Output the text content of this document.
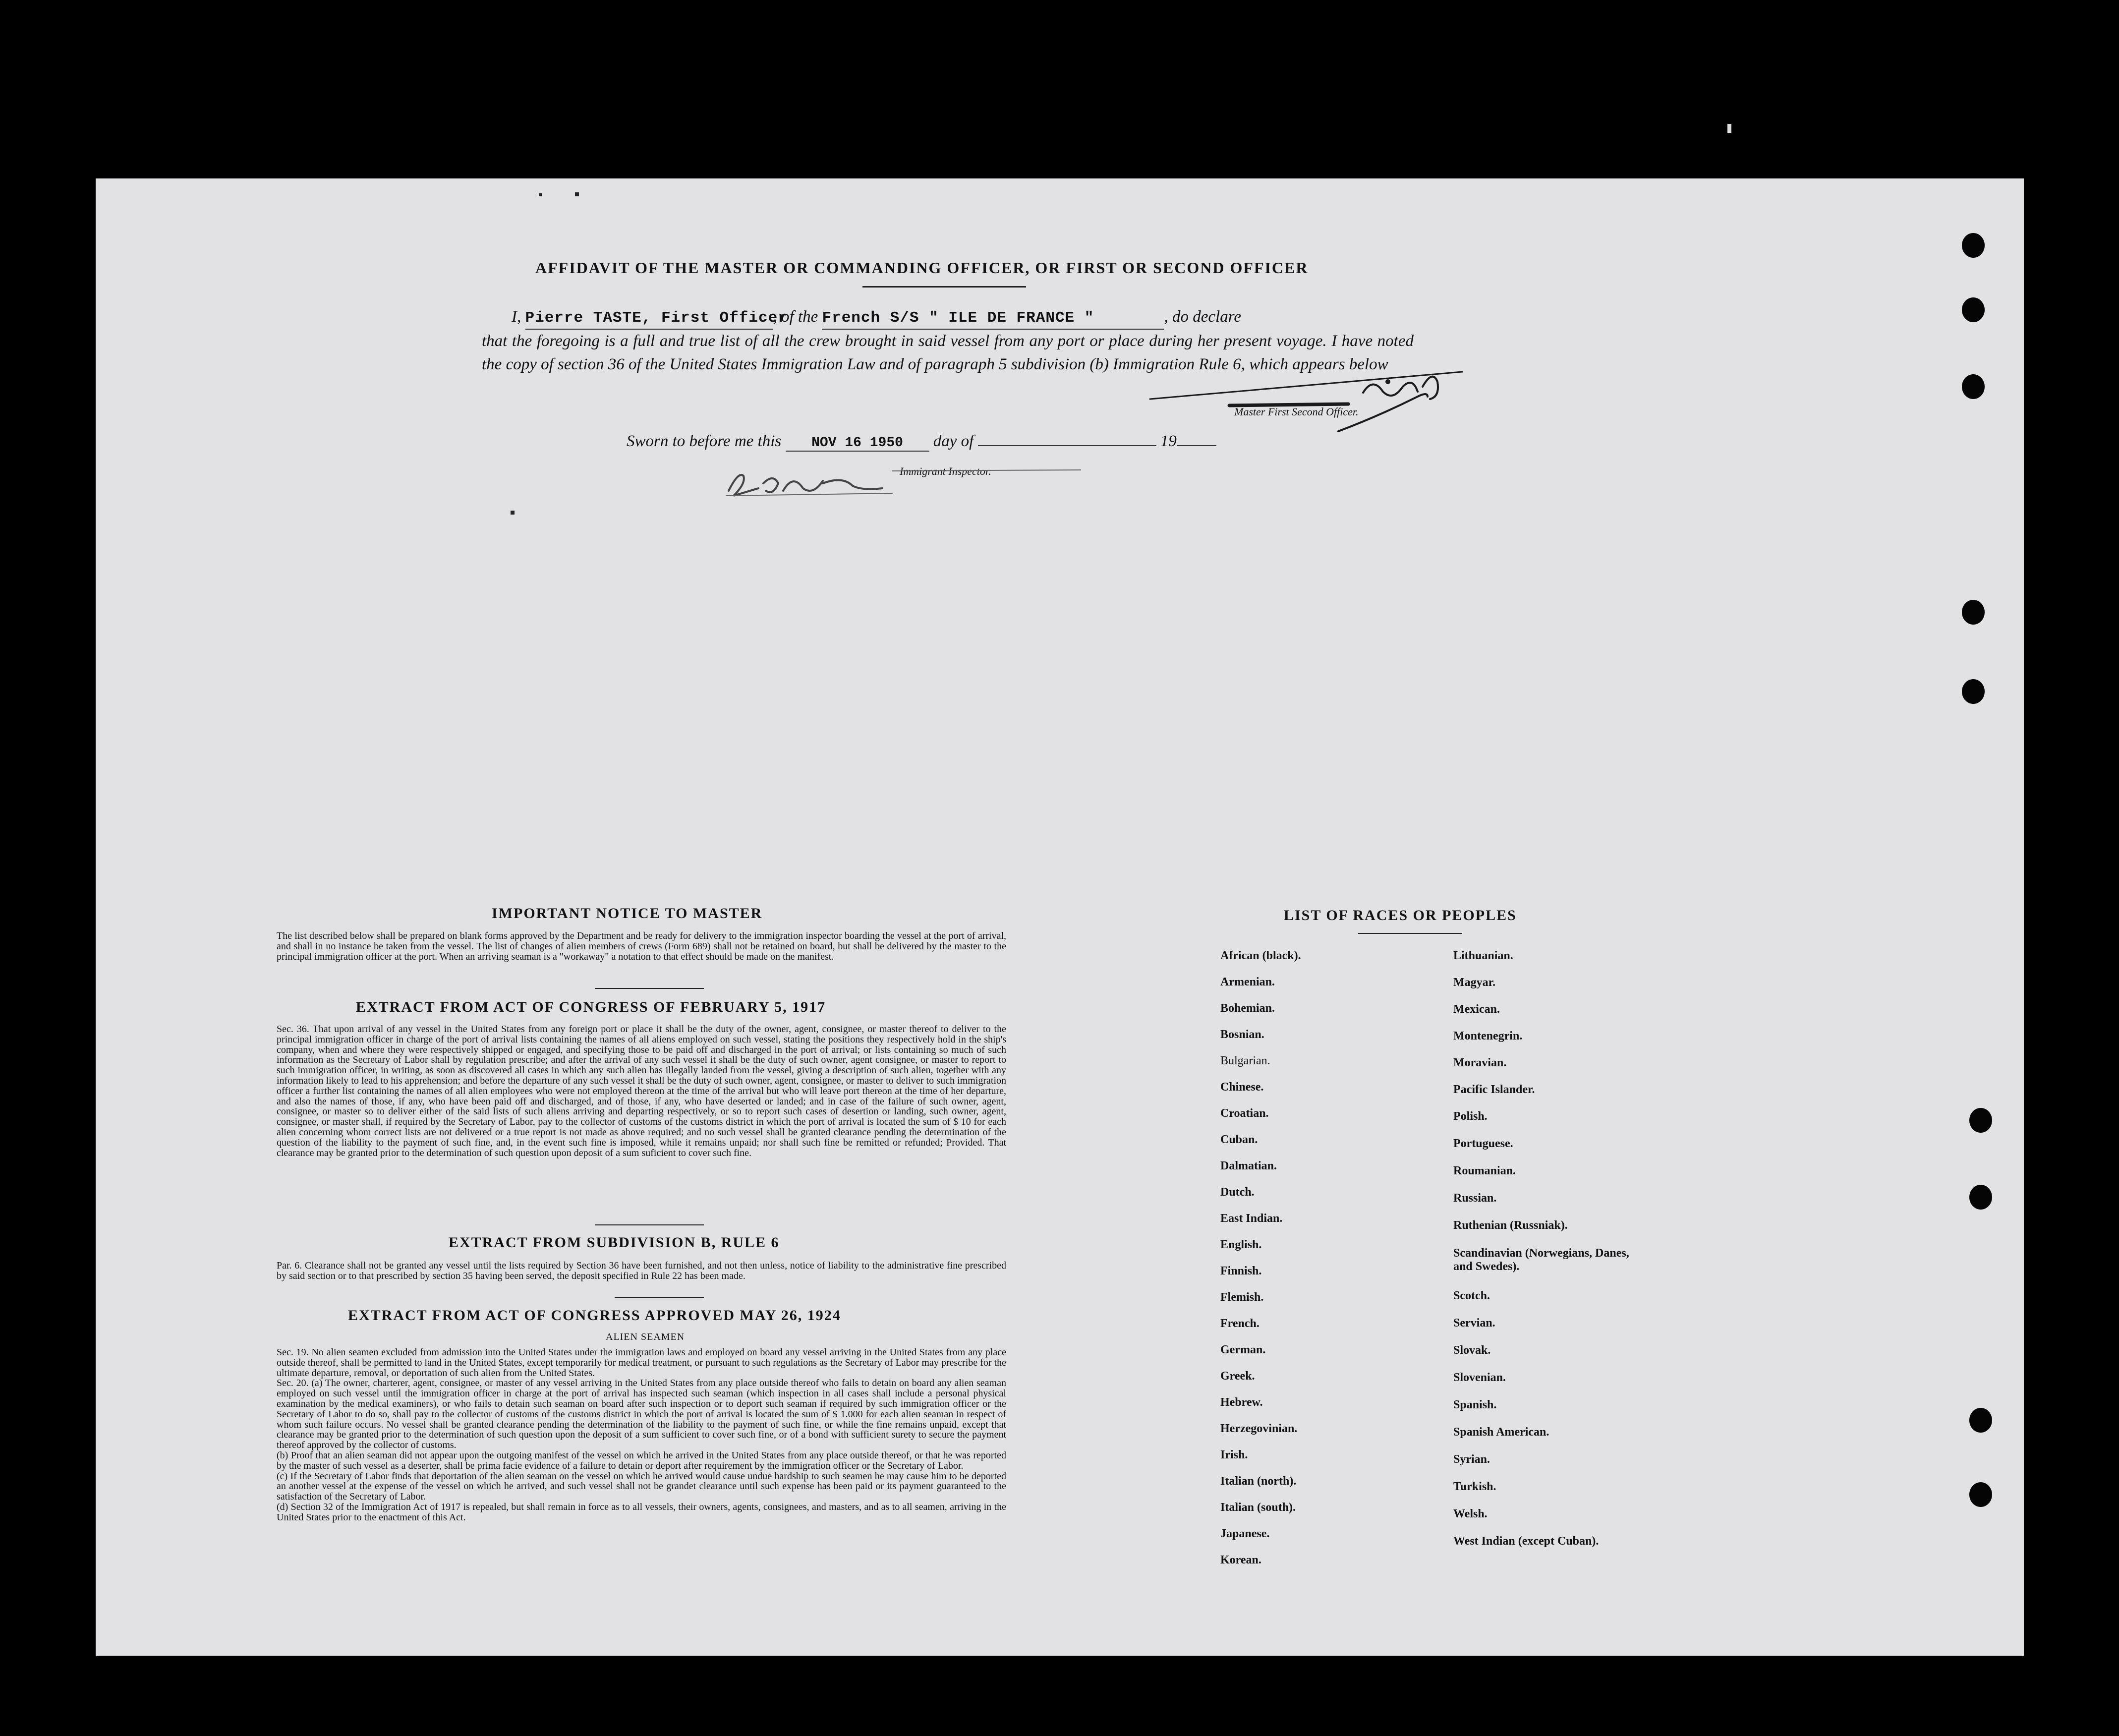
AFFIDAVIT OF THE MASTER OR COMMANDING OFFICER, OR FIRST OR SECOND OFFICER
I, Pierre TASTE, First Officer, of the French S/S " ILE DE FRANCE "	, do declare
that the foregoing is a full and true list of all the crew brought in said vessel from any port or place during her present voyage. I have noted the copy of section 36 of the United States Immigration Law and of paragraph 5 subdivision (b) Immigration Rule 6, which appears below
Master First Second Officer.
Sworn to before me this NOV 16 1950 day of	19
Immigrant Inspector.
IMPORTANT NOTICE TO MASTER
The list described below shall be prepared on blank forms approved by the Department and be ready for delivery to the immigration inspector boarding the vessel at the port of arrival, and shall in no instance be taken from the vessel. The list of changes of alien members of crews (Form 689) shall not be retained on board, but shall be delivered by the master to the principal immigration officer at the port. When an arriving seaman is a "workaway" a notation to that effect should be made on the manifest.
EXTRACT FROM ACT OF CONGRESS OF FEBRUARY 5, 1917
Sec. 36. That upon arrival of any vessel in the United States from any foreign port or place it shall be the duty of the owner, agent, consignee, or master thereof to deliver to the principal immigration officer in charge of the port of arrival lists containing the names of all aliens employed on such vessel, stating the positions they respectively hold in the ship's company, when and where they were respectively shipped or engaged, and specifying those to be paid off and discharged in the port of arrival; or lists containing so much of such information as the Secretary of Labor shall by regulation prescribe; and after the arrival of any such vessel it shall be the duty of such owner, agent consignee, or master to report to such immigration officer, in writing, as soon as discovered all cases in which any such alien has illegally landed from the vessel, giving a description of such alien, together with any information likely to lead to his apprehension; and before the departure of any such vessel it shall be the duty of such owner, agent, consignee, or master to deliver to such immigration officer a further list containing the names of all alien employees who were not employed thereon at the time of the arrival but who will leave port thereon at the time of her departure, and also the names of those, if any, who have been paid off and discharged, and of those, if any, who have deserted or landed; and in case of the failure of such owner, agent, consignee, or master so to deliver either of the said lists of such aliens arriving and departing respectively, or so to report such cases of desertion or landing, such owner, agent, consignee, or master shall, if required by the Secretary of Labor, pay to the collector of customs of the customs district in which the port of arrival is located the sum of $ 10 for each alien concerning whom correct lists are not delivered or a true report is not made as above required; and no such vessel shall be granted clearance pending the determination of the question of the liability to the payment of such fine, and, in the event such fine is imposed, while it remains unpaid; nor shall such fine be remitted or refunded; Provided. That clearance may be granted prior to the determination of such question upon deposit of a sum suficient to cover such fine.
EXTRACT FROM SUBDIVISION B, RULE 6
Par. 6. Clearance shall not be granted any vessel until the lists required by Section 36 have been furnished, and not then unless, notice of liability to the administrative fine prescribed by said section or to that prescribed by section 35 having been served, the deposit specified in Rule 22 has been made.
EXTRACT FROM ACT OF CONGRESS APPROVED MAY 26, 1924
ALIEN SEAMEN
Sec. 19. No alien seamen excluded from admission into the United States under the immigration laws and employed on board any vessel arriving in the United States from any place outside thereof, shall be permitted to land in the United States, except temporarily for medical treatment, or pursuant to such regulations as the Secretary of Labor may prescribe for the ultimate departure, removal, or deportation of such alien from the United States.
Sec. 20. (a) The owner, charterer, agent, consignee, or master of any vessel arriving in the United States from any place outside thereof who fails to detain on board any alien seaman employed on such vessel until the immigration officer in charge at the port of arrival has inspected such seaman (which inspection in all cases shall include a personal physical examination by the medical examiners), or who fails to detain such seaman on board after such inspection or to deport such seaman if required by such immigration officer or the Secretary of Labor to do so, shall pay to the collector of customs of the customs district in which the port of arrival is located the sum of $ 1.000 for each alien seaman in respect of whom such failure occurs. No vessel shall be granted clearance pending the determination of the liability to the payment of such fine, or while the fine remains unpaid, except that clearance may be granted prior to the determination of such question upon the deposit of a sum sufficient to cover such fine, or of a bond with sufficient surety to secure the payment thereof approved by the collector of customs.
(b) Proof that an alien seaman did not appear upon the outgoing manifest of the vessel on which he arrived in the United States from any place outside thereof, or that he was reported by the master of such vessel as a deserter, shall be prima facie evidence of a failure to detain or deport after requirement by the immigration officer or the Secretary of Labor.
(c) If the Secretary of Labor finds that deportation of the alien seaman on the vessel on which he arrived would cause undue hardship to such seamen he may cause him to be deported an another vessel at the expense of the vessel on which he arrived, and such vessel shall not be grandet clearance until such expense has been paid or its payment guaranteed to the satisfaction of the Secretary of Labor.
(d) Section 32 of the Immigration Act of 1917 is repealed, but shall remain in force as to all vessels, their owners, agents, consignees, and masters, and as to all seamen, arriving in the United States prior to the enactment of this Act.
LIST OF RACES OR PEOPLES
African (black).
Armenian.
Bohemian.
Bosnian.
Bulgarian.
Chinese.
Croatian.
Cuban.
Dalmatian.
Dutch.
East Indian.
English.
Finnish.
Flemish.
French.
German.
Greek.
Hebrew.
Herzegovinian.
Irish.
Italian (north).
Italian (south).
Japanese.
Korean.
Lithuanian.
Magyar.
Mexican.
Montenegrin.
Moravian.
Pacific Islander.
Polish.
Portuguese.
Roumanian.
Russian.
Ruthenian (Russniak).
Scandinavian (Norwegians, Danes, and Swedes).
Scotch.
Servian.
Slovak.
Slovenian.
Spanish.
Spanish American.
Syrian.
Turkish.
Welsh.
West Indian (except Cuban).
